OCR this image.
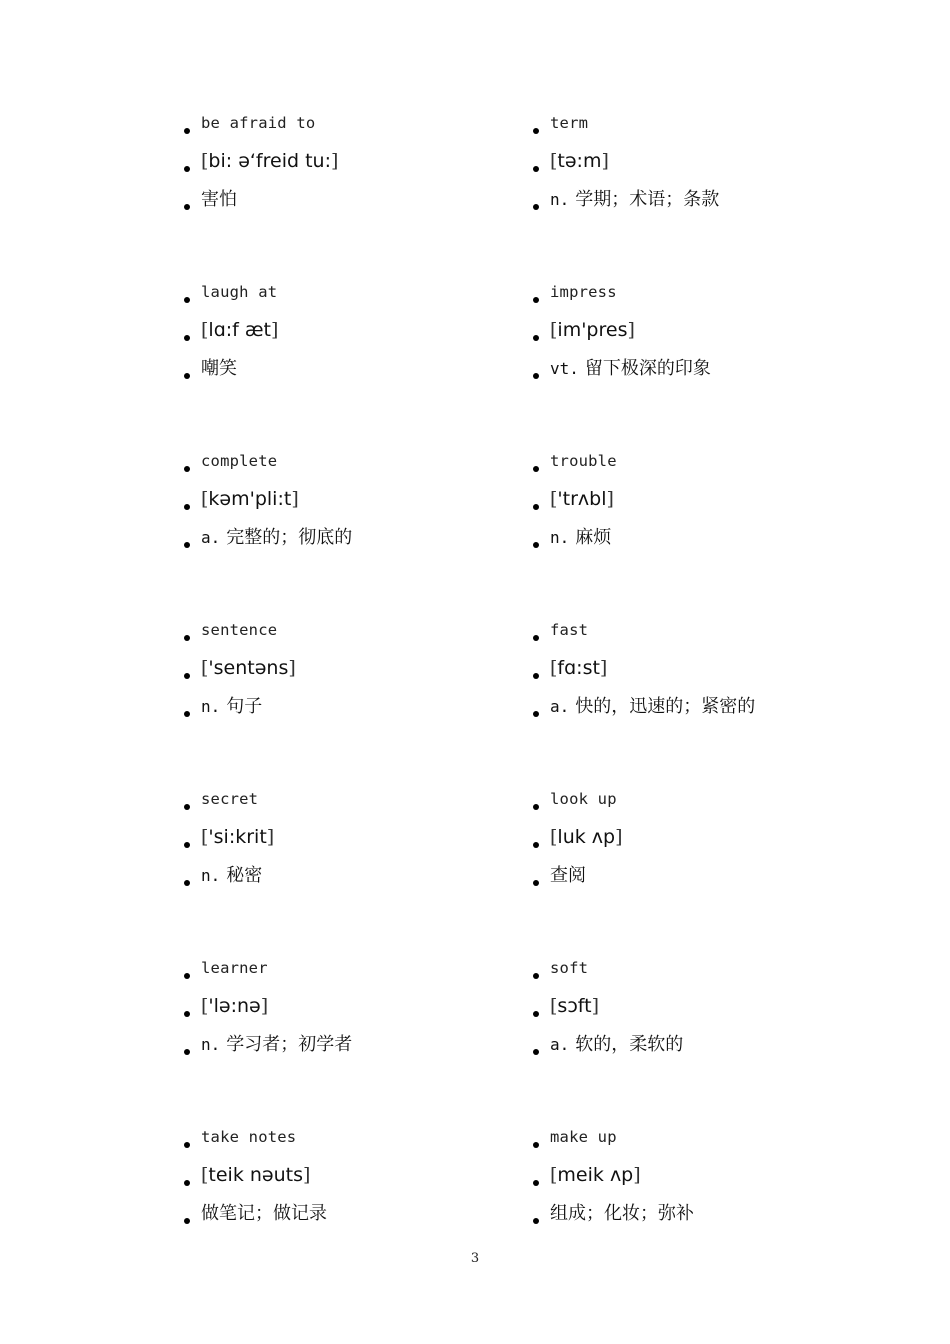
be afraid to
[bi: ə‘freid tu:]
害怕
laugh at
[lɑ:f æt]
嘲笑
complete
[kəm'pli:t]
a. 完整的；彻底的
sentence
['sentəns]
n. 句子
secret
['si:krit]
n. 秘密
learner
['lə:nə]
n. 学习者；初学者
take notes
[teik nəuts]
做笔记；做记录
term
[tə:m]
n. 学期；术语；条款
impress
[im'pres]
vt. 留下极深的印象
trouble
['trʌbl]
n. 麻烦
fast
[fɑ:st]
a. 快的，迅速的；紧密的
look up
[luk ʌp]
查阅
soft
[sɔft]
a. 软的，柔软的
make up
[meik ʌp]
组成；化妆；弥补
3
